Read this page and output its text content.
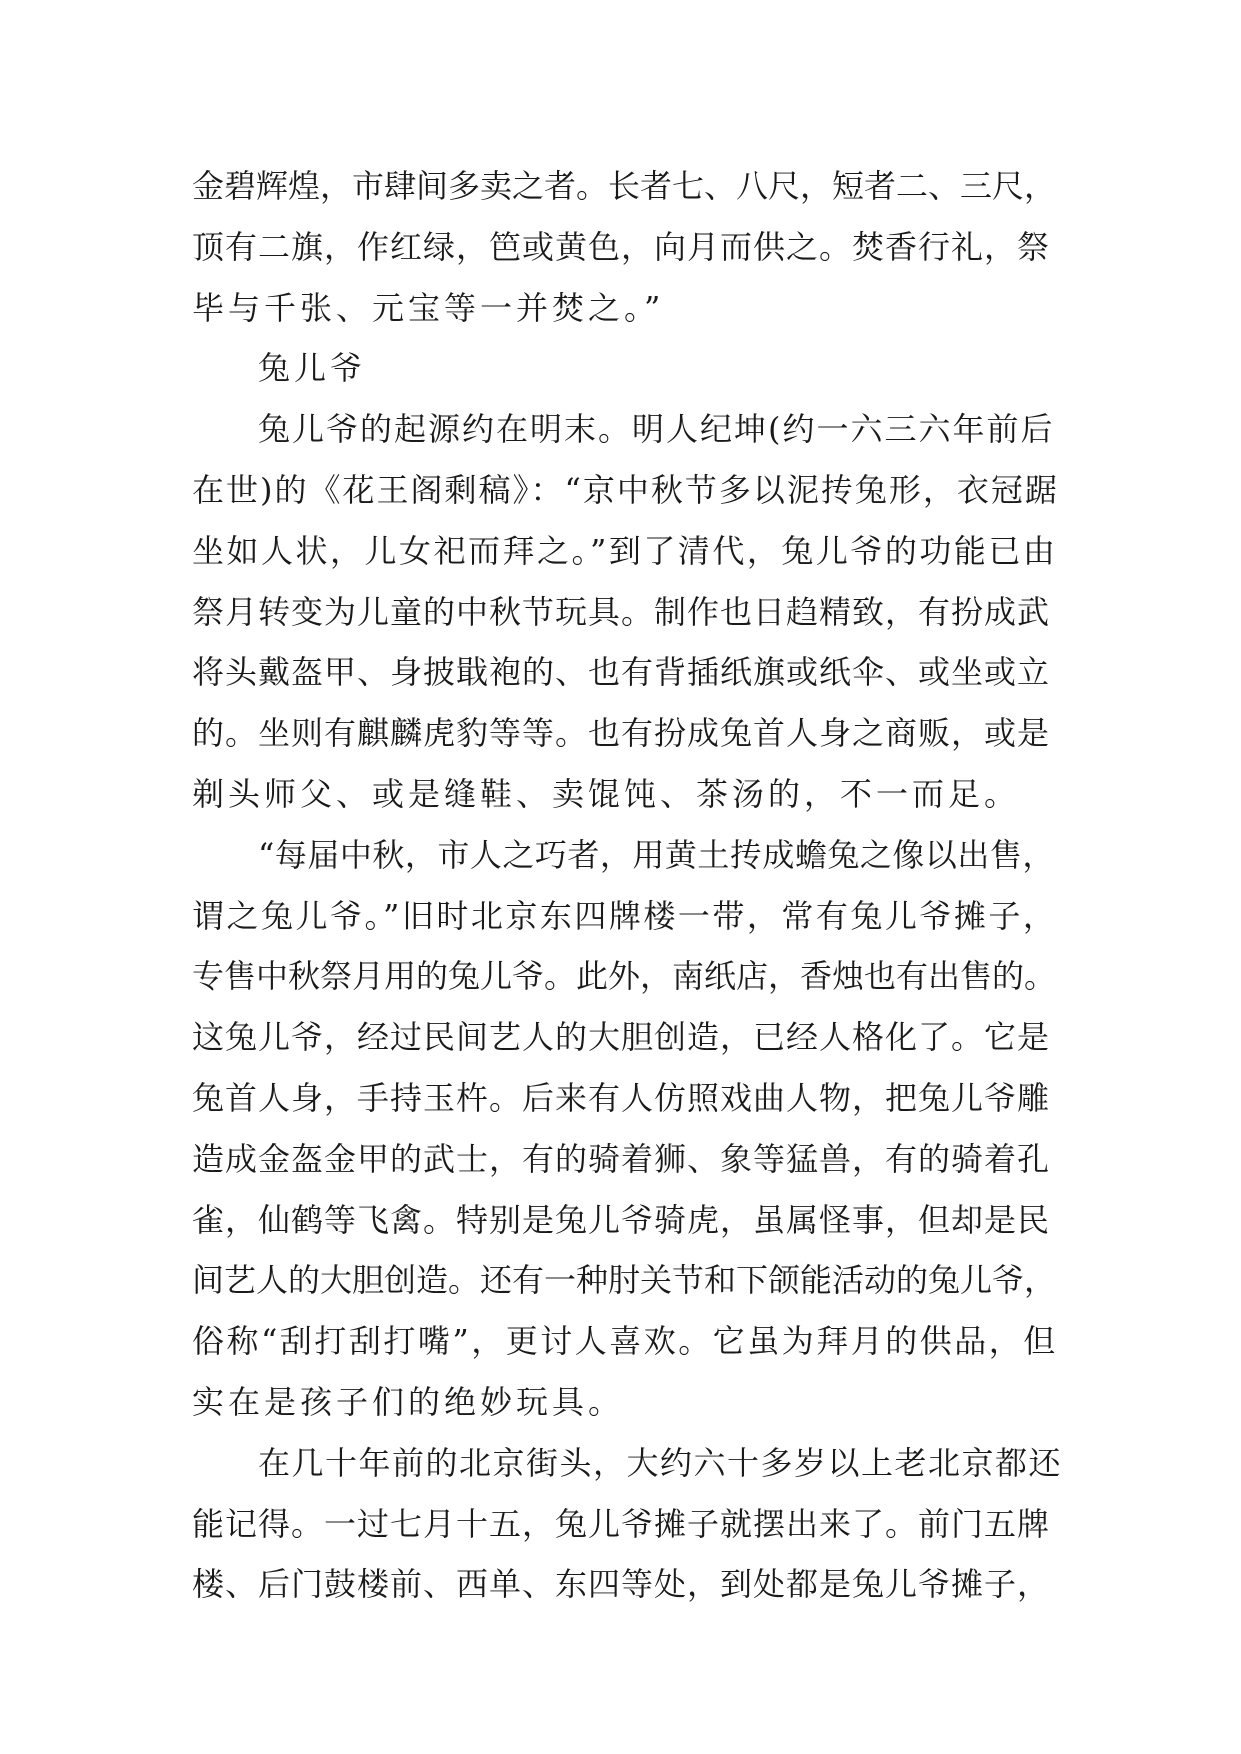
金碧辉煌，市肆间多卖之者。长者七、八尺，短者二、三尺，
顶有二旗，作红绿，笆或黄色，向月而供之。焚香行礼，祭
毕与千张、元宝等一并焚之。”
兔儿爷
兔儿爷的起源约在明末。明人纪坤(约一六三六年前后
在世)的《花王阁剩稿》：“京中秋节多以泥抟兔形，衣冠踞
坐如人状，儿女祀而拜之。”到了清代，兔儿爷的功能已由
祭月转变为儿童的中秋节玩具。制作也日趋精致，有扮成武
将头戴盔甲、身披戢袍的、也有背插纸旗或纸伞、或坐或立
的。坐则有麒麟虎豹等等。也有扮成兔首人身之商贩，或是
剃头师父、或是缝鞋、卖馄饨、茶汤的，不一而足。
“每届中秋，市人之巧者，用黄土抟成蟾兔之像以出售，
谓之兔儿爷。”旧时北京东四牌楼一带，常有兔儿爷摊子，
专售中秋祭月用的兔儿爷。此外，南纸店，香烛也有出售的。
这兔儿爷，经过民间艺人的大胆创造，已经人格化了。它是
兔首人身，手持玉杵。后来有人仿照戏曲人物，把兔儿爷雕
造成金盔金甲的武士，有的骑着狮、象等猛兽，有的骑着孔
雀，仙鹤等飞禽。特别是兔儿爷骑虎，虽属怪事，但却是民
间艺人的大胆创造。还有一种肘关节和下颌能活动的兔儿爷，
俗称“刮打刮打嘴”，更讨人喜欢。它虽为拜月的供品，但
实在是孩子们的绝妙玩具。
在几十年前的北京街头，大约六十多岁以上老北京都还
能记得。一过七月十五，兔儿爷摊子就摆出来了。前门五牌
楼、后门鼓楼前、西单、东四等处，到处都是兔儿爷摊子，
